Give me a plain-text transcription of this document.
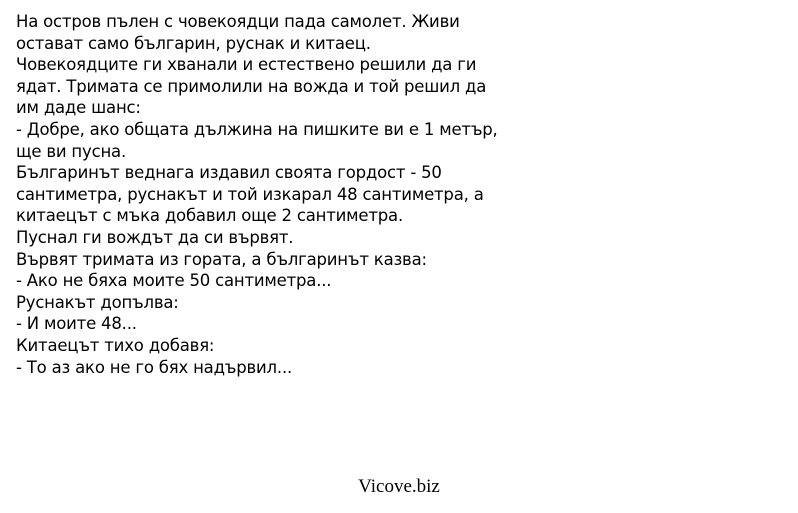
На остров пълен с човекоядци пада самолет. Живи
остават само българин, руснак и китаец.
Човекоядците ги хванали и естествено решили да ги
ядат. Тримата се примолили на вожда и той решил да
им даде шанс:
- Добре, ако общата дължина на пишките ви е 1 метър,
ще ви пусна.
Българинът веднага издавил своята гордост - 50
сантиметра, руснакът и той изкарал 48 сантиметра, а
китаецът с мъка добавил още 2 сантиметра.
Пуснал ги вождът да си вървят.
Вървят тримата из гората, а българинът казва:
- Ако не бяха моите 50 сантиметра...
Руснакът допълва:
- И моите 48...
Китаецът тихо добавя:
- То аз ако не го бях надървил...
Vicove.biz
